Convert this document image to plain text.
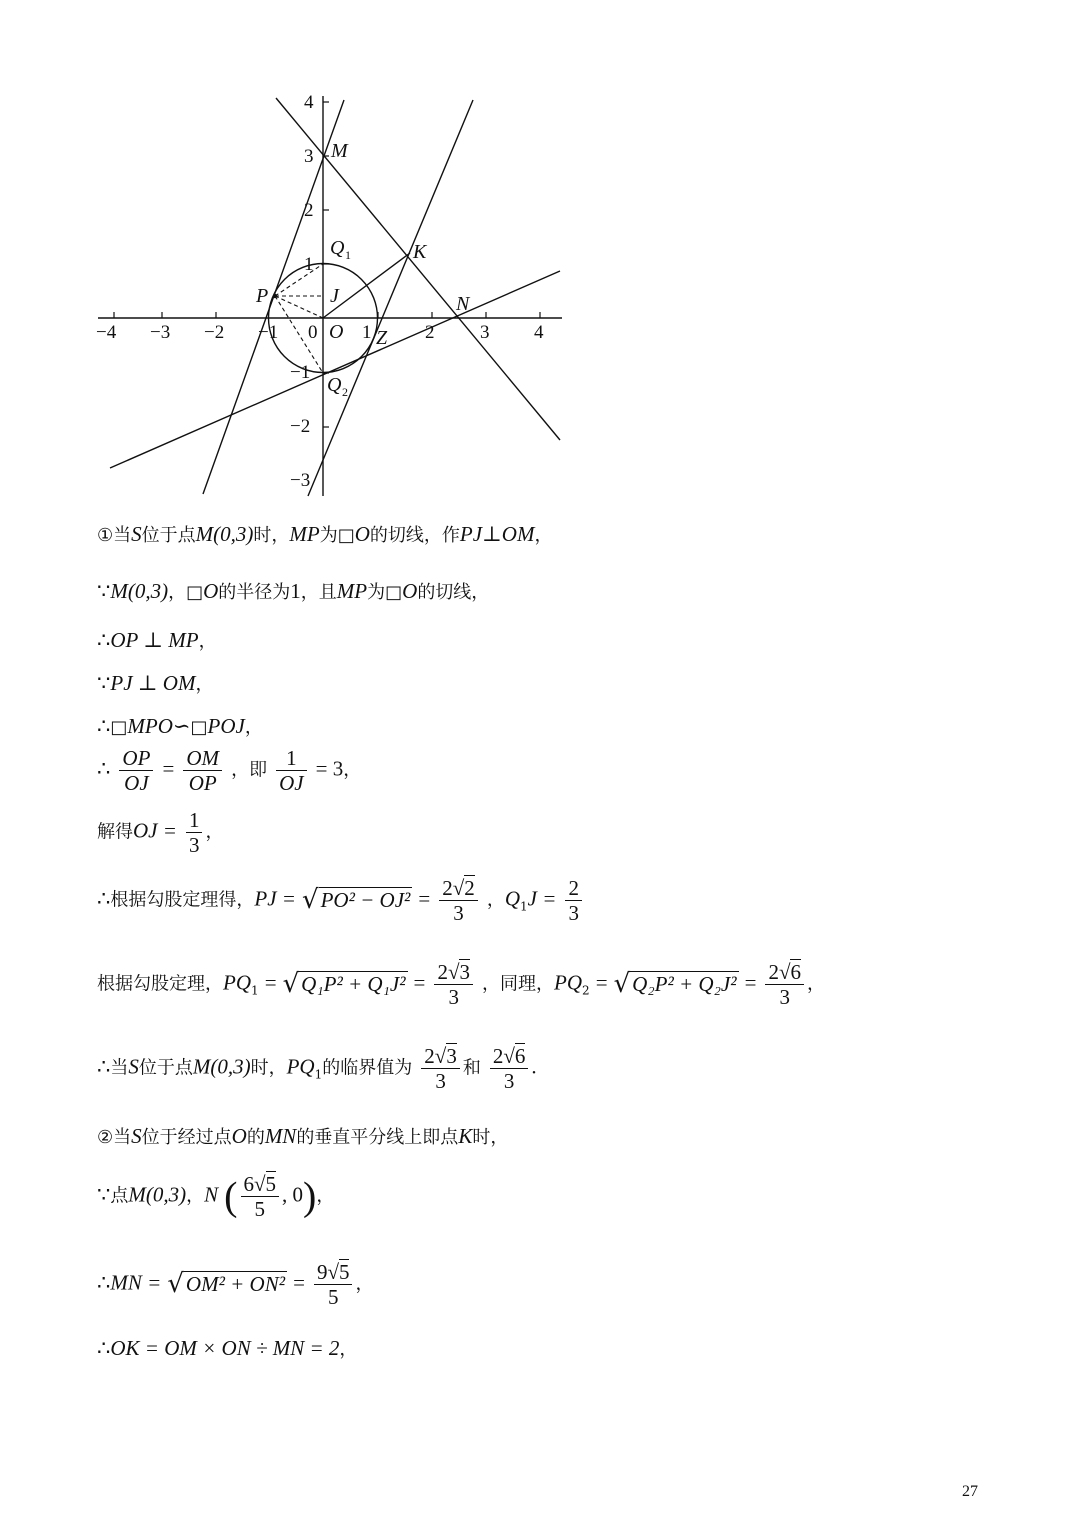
−4 −3 −2 −1 0 1	2 3 4
4
3
2
1
−1
−2
−3
M
Q 1
J
P
O Z
Q 2
K
N
①当S位于点M(0,3)时，MP为□O的切线，作PJ⊥OM，
∵M(0,3)，□O的半径为1，且MP为□O的切线，
∴OP ⊥ MP，
∵PJ ⊥ OM，
∴□MPO∽□POJ，
∴ $\frac{OP}{OJ} = \frac{OM}{OP}$ ，即 $\frac{1}{OJ} = 3$，
解得OJ = $\frac{1}{3}$ ，
∴根据勾股定理得，PJ = $√PO^2 - OJ^2 = \frac{2√2}{3}$ ，$Q_1J = \frac{2}{3}$
根据勾股定理，$PQ_1 = √Q_1P^2 + Q_1J^2 = \frac{2√3}{3}$ ，同理，$PQ_2 = √Q_2P^2 + Q_2J^2 = \frac{2√6}{3}$ ，
∴当S位于点M(0,3)时，$PQ_1$的临界值为 $\frac{2√3}{3}$ 和 $\frac{2√6}{3}$ .
②当S位于经过点O的MN的垂直平分线上即点K时，
∵点M(0,3)，N ( $\frac{6√5}{5}$ , 0)，
∴MN = $√OM^2 + ON^2 = \frac{9√5}{5}$ ，
∴OK = OM × ON ÷ MN = 2，
27
